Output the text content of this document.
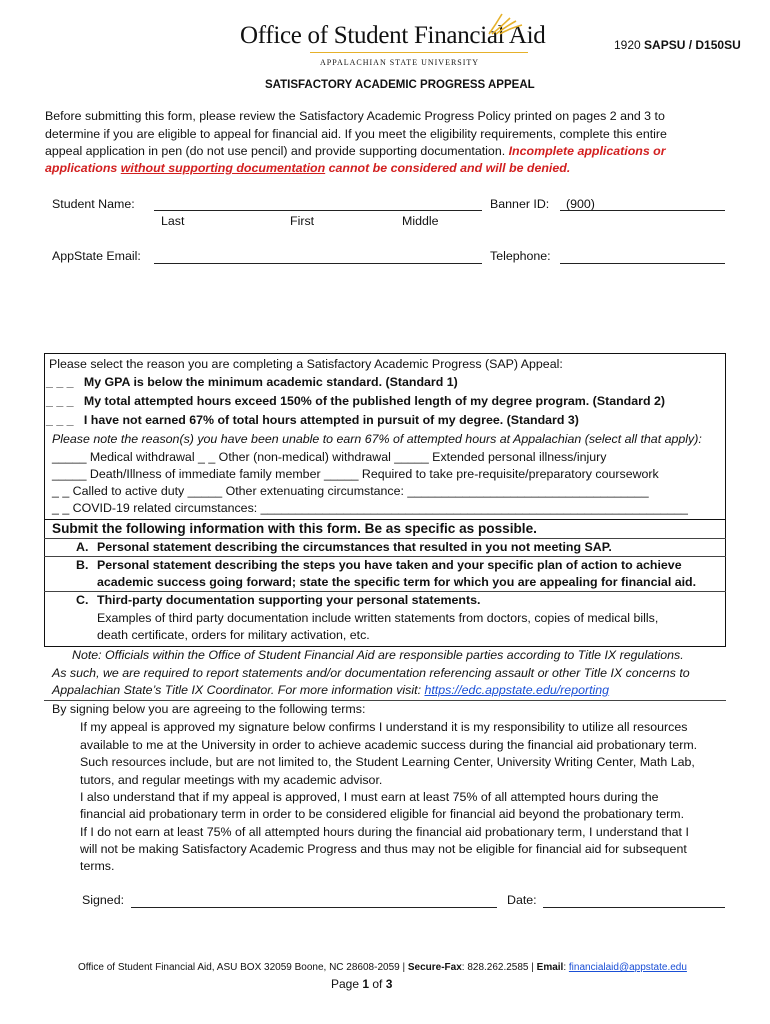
Office of Student Financial Aid
APPALACHIAN STATE UNIVERSITY
1920 SAPSU / D150SU
SATISFACTORY ACADEMIC PROGRESS APPEAL
Before submitting this form, please review the Satisfactory Academic Progress Policy printed on pages 2 and 3 to
determine if you are eligible to appeal for financial aid. If you meet the eligibility requirements, complete this entire
appeal application in pen (do not use pencil) and provide supporting documentation. Incomplete applications or
applications without supporting documentation cannot be considered and will be denied.
Student Name:
Last	First	Middle
Banner ID: (900)
AppState Email:	Telephone:
Please select the reason you are completing a Satisfactory Academic Progress (SAP) Appeal:
_ _ _ My GPA is below the minimum academic standard. (Standard 1)
_ _ _ My total attempted hours exceed 150% of the published length of my degree program. (Standard 2)
_ _ _ I have not earned 67% of total hours attempted in pursuit of my degree. (Standard 3)
Please note the reason(s) you have been unable to earn 67% of attempted hours at Appalachian (select all that apply):
_____ Medical withdrawal _ _ Other (non-medical) withdrawal _____ Extended personal illness/injury
_____ Death/Illness of immediate family member _____ Required to take pre-requisite/preparatory coursework
_ _ Called to active duty _____ Other extenuating circumstance: ___________________________________
_ _ COVID-19 related circumstances: ______________________________________________________________
Submit the following information with this form. Be as specific as possible.
A. Personal statement describing the circumstances that resulted in you not meeting SAP.
B. Personal statement describing the steps you have taken and your specific plan of action to achieve
academic success going forward; state the specific term for which you are appealing for financial aid.
C. Third-party documentation supporting your personal statements.
Examples of third party documentation include written statements from doctors, copies of medical bills,
death certificate, orders for military activation, etc.
Note: Officials within the Office of Student Financial Aid are responsible parties according to Title IX regulations.
As such, we are required to report statements and/or documentation referencing assault or other Title IX concerns to
Appalachian State’s Title IX Coordinator. For more information visit: https://edc.appstate.edu/reporting
By signing below you are agreeing to the following terms:
If my appeal is approved my signature below confirms I understand it is my responsibility to utilize all resources
available to me at the University in order to achieve academic success during the financial aid probationary term.
Such resources include, but are not limited to, the Student Learning Center, University Writing Center, Math Lab,
tutors, and regular meetings with my academic advisor.
I also understand that if my appeal is approved, I must earn at least 75% of all attempted hours during the
financial aid probationary term in order to be considered eligible for financial aid beyond the probationary term.
If I do not earn at least 75% of all attempted hours during the financial aid probationary term, I understand that I
will not be making Satisfactory Academic Progress and thus may not be eligible for financial aid for subsequent
terms.
Signed:	Date:
Office of Student Financial Aid, ASU BOX 32059 Boone, NC 28608-2059 | Secure-Fax: 828.262.2585 | Email: financialaid@appstate.edu
Page 1 of 3
